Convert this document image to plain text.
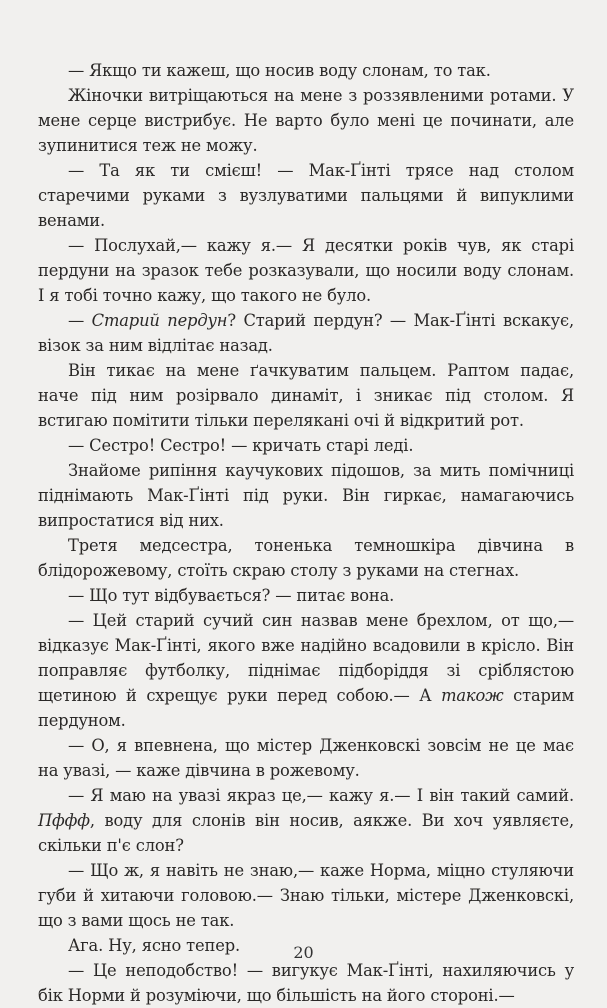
— Якщо ти кажеш, що носив воду слонам, то так.

Жіночки витріщаються на мене з роззявленими ротами. У мене серце вистрибує. Не варто було мені це починати, але зупинитися теж не можу.

— Та як ти смієш! — Мак-Ґінті трясе над столом старечими руками з вузлуватими пальцями й випуклими венами.

— Послухай,— кажу я.— Я десятки років чув, як старі пердуни на зразок тебе розказували, що носили воду слонам. І я тобі точно кажу, що такого не було.

— Старий пердун? Старий пердун? — Мак-Ґінті вскакує, візок за ним відлітає назад.

Він тикає на мене ґачкуватим пальцем. Раптом падає, наче під ним розірвало динаміт, і зникає під столом. Я встигаю помітити тільки перелякані очі й відкритий рот.

— Сестро! Сестро! — кричать старі леді.

Знайоме рипіння каучукових підошов, за мить помічниці піднімають Мак-Ґінті під руки. Він гиркає, намагаючись випростатися від них.

Третя медсестра, тоненька темношкіра дівчина в блідорожевому, стоїть скраю столу з руками на стегнах.

— Що тут відбувається? — питає вона.

— Цей старий сучий син назвав мене брехлом, от що,— відказує Мак-Ґінті, якого вже надійно всадовили в крісло. Він поправляє футболку, піднімає підборіддя зі сріблястою щетиною й схрещує руки перед собою.— А також старим пердуном.

— О, я впевнена, що містер Дженковскі зовсім не це має на увазі, — каже дівчина в рожевому.

— Я маю на увазі якраз це,— кажу я.— І він такий самий. Пффф, воду для слонів він носив, аякже. Ви хоч уявляєте, скільки п'є слон?

— Що ж, я навіть не знаю,— каже Норма, міцно стуляючи губи й хитаючи головою.— Знаю тільки, містере Дженковскі, що з вами щось не так.

Ага. Ну, ясно тепер.

— Це неподобство! — вигукує Мак-Ґінті, нахиляючись у бік Норми й розуміючи, що більшість на його стороні.—

20
